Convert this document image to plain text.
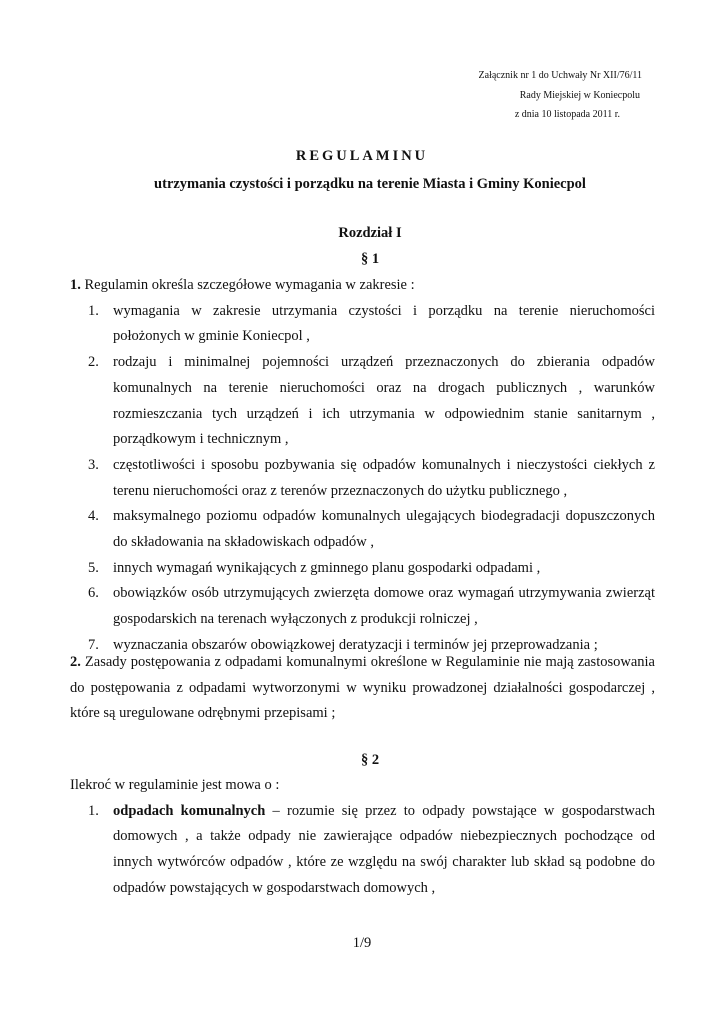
Załącznik nr 1 do Uchwały Nr XII/76/11
Rady Miejskiej w Koniecpolu
z dnia 10 listopada 2011 r.
REGULAMINU
utrzymania czystości i porządku na terenie Miasta i Gminy Koniecpol
Rozdział I
§ 1

1. Regulamin określa szczegółowe wymagania w zakresie :

1. wymagania w zakresie utrzymania czystości i porządku na terenie nieruchomości położonych w gminie Koniecpol ,
2. rodzaju i minimalnej pojemności urządzeń przeznaczonych do zbierania odpadów komunalnych na terenie nieruchomości oraz na drogach publicznych , warunków rozmieszczania tych urządzeń i ich utrzymania w odpowiednim stanie sanitarnym , porządkowym i technicznym ,
3. częstotliwości i sposobu pozbywania się odpadów komunalnych i nieczystości ciekłych z terenu nieruchomości oraz z terenów przeznaczonych do użytku publicznego ,
4. maksymalnego poziomu odpadów komunalnych ulegających biodegradacji dopuszczonych do składowania na składowiskach odpadów ,
5. innych wymagań wynikających z gminnego planu gospodarki odpadami ,
6. obowiązków osób utrzymujących zwierzęta domowe oraz wymagań utrzymywania zwierząt gospodarskich na terenach wyłączonych z produkcji rolniczej ,
7. wyznaczania obszarów obowiązkowej deratyzacji i terminów jej przeprowadzania ;

2. Zasady postępowania z odpadami komunalnymi określone w Regulaminie nie mają zastosowania do postępowania z odpadami wytworzonymi w wyniku prowadzonej działalności gospodarczej , które są uregulowane odrębnymi przepisami ;

§ 2

Ilekroć w regulaminie jest mowa o :

1. odpadach komunalnych – rozumie się przez to odpady powstające w gospodarstwach domowych , a także odpady nie zawierające odpadów niebezpiecznych pochodzące od innych wytwórców odpadów , które ze względu na swój charakter lub skład są podobne do odpadów powstających w gospodarstwach domowych ,
1/9
